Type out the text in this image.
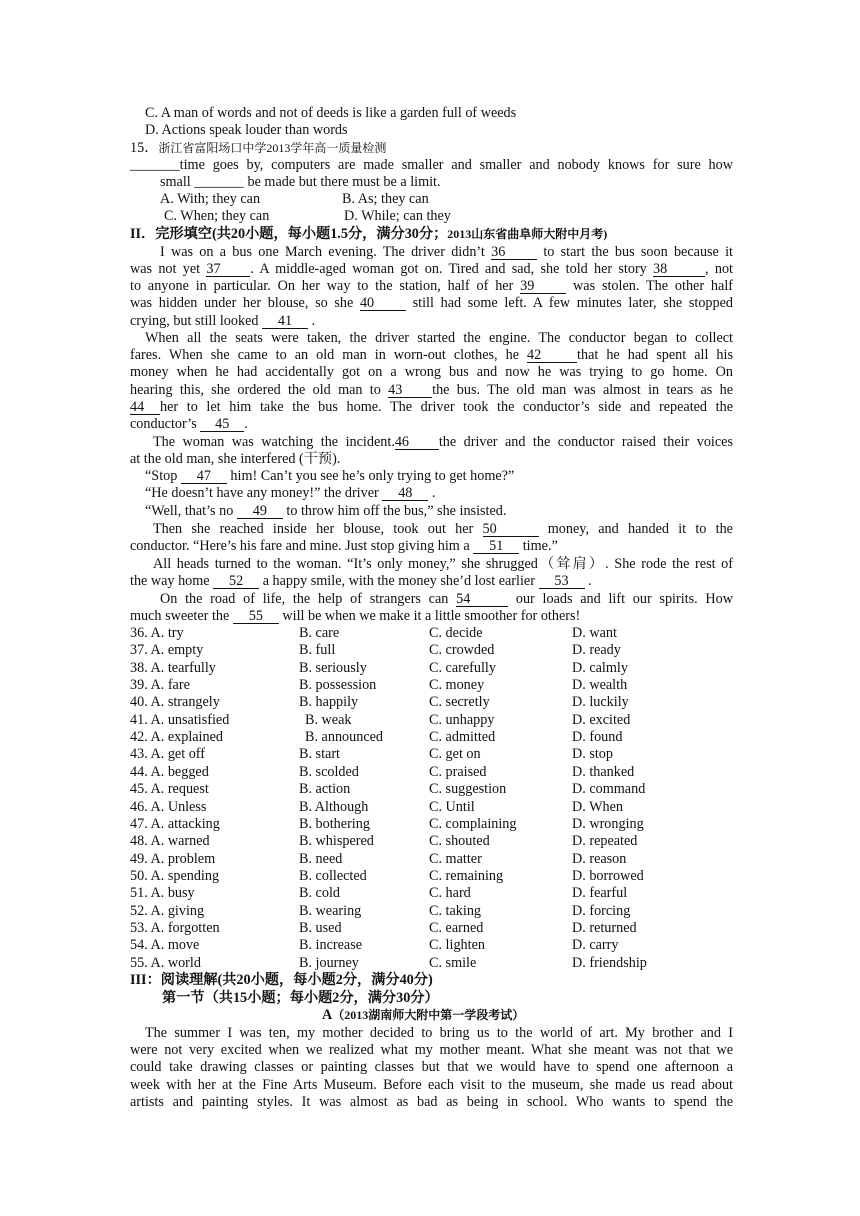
C. A man of words and not of deeds is like a garden full of weeds
D. Actions speak louder than words
15．浙江省富阳场口中学2013学年高一质量检测
_______time goes by, computers are made smaller and smaller and nobody knows for sure how
small _______ be made but there must be a limit.
A. With; they can	B. As; they can
C. When; they can	D. While; can they
II．完形填空(共20小题，每小题1.5分，满分30分；2013山东省曲阜师大附中月考)
I was on a bus one March evening. The driver didn’t 36 to start the bus soon because it
was not yet 37 . A middle-aged woman got on. Tired and sad, she told her story 38	, not
to anyone in particular. On her way to the station, half of her 39 was stolen. The other half
was hidden under her blouse, so she 40 still had some left. A few minutes later, she stopped
crying, but still looked 41 .
When all the seats were taken, the driver started the engine. The conductor began to collect
fares. When she came to an old man in worn-out clothes, he 42	that he had spent all his
money when he had accidentally got on a wrong bus and now he was trying to go home. On
hearing this, she ordered the old man to 43 the bus. The old man was almost in tears as he
44 her to let him take the bus home. The driver took the conductor’s side and repeated the
conductor’s 45 .
The woman was watching the incident.46 the driver and the conductor raised their voices
at the old man, she interfered (干预).
“Stop 47 him! Can’t you see he’s only trying to get home?”
“He doesn’t have any money!” the driver 48 .
“Well, that’s no 49 to throw him off the bus,” she insisted.
Then she reached inside her blouse, took out her 50	money, and handed it to the
conductor. “Here’s his fare and mine. Just stop giving him a 51 time.”
All heads turned to the woman. “It’s only money,” she shrugged（耸肩）. She rode the rest of
the way home 52 a happy smile, with the money she’d lost earlier 53 .
On the road of life, the help of strangers can 54	our loads and lift our spirits. How
much sweeter the 55 will be when we make it a little smoother for others!
36. A. try	B. care	C. decide	D. want
37. A. empty	B. full	C. crowded	D. ready
38. A. tearfully	B. seriously	C. carefully	D. calmly
39. A. fare	B. possession	C. money	D. wealth
40. A. strangely	B. happily	C. secretly	D. luckily
41. A. unsatisfied	B. weak	C. unhappy	D. excited
42. A. explained	B. announced	C. admitted	D. found
43. A. get off	B. start	C. get on	D. stop
44. A. begged	B. scolded	C. praised	D. thanked
45. A. request	B. action	C. suggestion	D. command
46. A. Unless	B. Although	C. Until	D. When
47. A. attacking	B. bothering	C. complaining	D. wronging
48. A. warned	B. whispered	C. shouted	D. repeated
49. A. problem	B. need	C. matter	D. reason
50. A. spending	B. collected	C. remaining	D. borrowed
51. A. busy	B. cold	C. hard	D. fearful
52. A. giving	B. wearing	C. taking	D. forcing
53. A. forgotten	B. used	C. earned	D. returned
54. A. move	B. increase	C. lighten	D. carry
55. A. world	B. journey	C. smile	D. friendship
III：阅读理解(共20小题，每小题2分，满分40分)
第一节（共15小题；每小题2分，满分30分）
A（2013湖南师大附中第一学段考试）
The summer I was ten, my mother decided to bring us to the world of art. My brother and I
were not very excited when we realized what my mother meant. What she meant was not that we
could take drawing classes or painting classes but that we would have to spend one afternoon a
week with her at the Fine Arts Museum. Before each visit to the museum, she made us read about
artists and painting styles. It was almost as bad as being in school. Who wants to spend the
